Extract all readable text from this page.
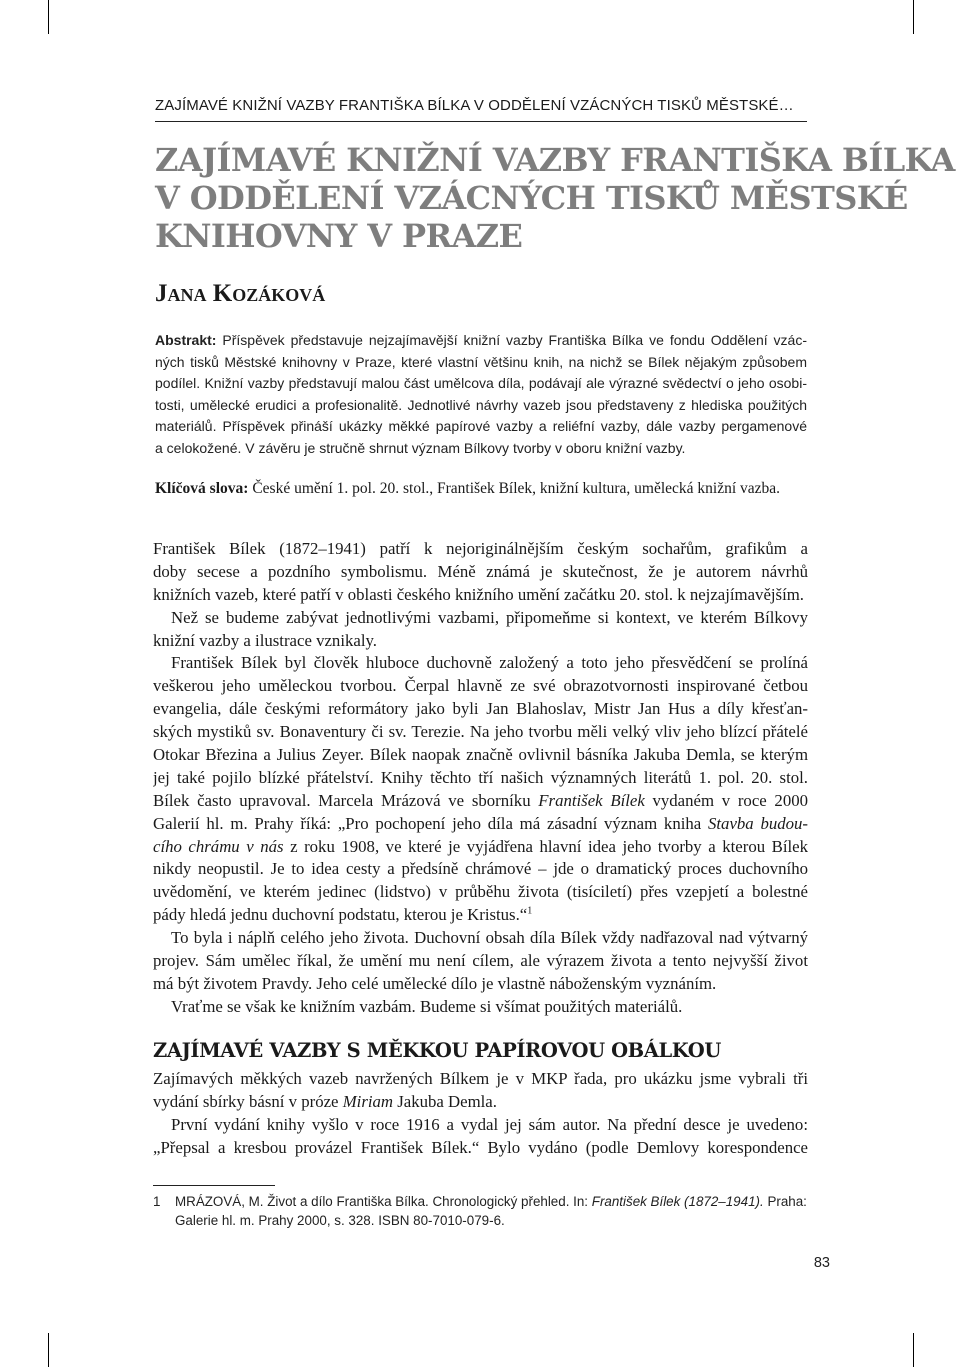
ZAJÍMAVÉ KNIŽNÍ VAZBY FRANTIŠKA BÍLKA V ODDĚLENÍ VZÁCNÝCH TISKŮ MĚSTSKÉ…
ZAJÍMAVÉ KNIŽNÍ VAZBY FRANTIŠKA BÍLKA
V ODDĚLENÍ VZÁCNÝCH TISKŮ MĚSTSKÉ
KNIHOVNY V PRAZE
Jana Kozáková
Abstrakt: Příspěvek představuje nejzajímavější knižní vazby Františka Bílka ve fondu Oddělení vzác-
ných tisků Městské knihovny v Praze, které vlastní většinu knih, na nichž se Bílek nějakým způsobem
podílel. Knižní vazby představují malou část umělcova díla, podávají ale výrazné svědectví o jeho osobi-
tosti, umělecké erudici a profesionalitě. Jednotlivé návrhy vazeb jsou představeny z hlediska použitých
materiálů. Příspěvek přináší ukázky měkké papírové vazby a reliéfní vazby, dále vazby pergamenové
a celokožené. V závěru je stručně shrnut význam Bílkovy tvorby v oboru knižní vazby.
Klíčová slova: České umění 1. pol. 20. stol., František Bílek, knižní kultura, umělecká knižní vazba.
František Bílek (1872–1941) patří k nejoriginálnějším českým sochařům, grafikům a
doby secese a pozdního symbolismu. Méně známá je skutečnost, že je autorem návrhů
knižních vazeb, které patří v oblasti českého knižního umění začátku 20. stol. k nejzajímavějším.
Než se budeme zabývat jednotlivými vazbami, připomeňme si kontext, ve kterém Bílkovy
knižní vazby a ilustrace vznikaly.
František Bílek byl člověk hluboce duchovně založený a toto jeho přesvědčení se prolíná
veškerou jeho uměleckou tvorbou. Čerpal hlavně ze své obrazotvornosti inspirované četbou
evangelia, dále českými reformátory jako byli Jan Blahoslav, Mistr Jan Hus a díly křesťan-
ských mystiků sv. Bonaventury či sv. Terezie. Na jeho tvorbu měli velký vliv jeho blízcí přátelé
Otokar Březina a Julius Zeyer. Bílek naopak značně ovlivnil básníka Jakuba Demla, se kterým
jej také pojilo blízké přátelství. Knihy těchto tří našich významných literátů 1. pol. 20. stol.
Bílek často upravoval. Marcela Mrázová ve sborníku František Bílek vydaném v roce 2000
Galerií hl. m. Prahy říká: „Pro pochopení jeho díla má zásadní význam kniha Stavba budou-
cího chrámu v nás z roku 1908, ve které je vyjádřena hlavní idea jeho tvorby a kterou Bílek
nikdy neopustil. Je to idea cesty a předsíně chrámové – jde o dramatický proces duchovního
uvědomění, ve kterém jedinec (lidstvo) v průběhu života (tisíciletí) přes vzepjetí a bolestné
pády hledá jednu duchovní podstatu, kterou je Kristus.“$^1$
To byla i náplň celého jeho života. Duchovní obsah díla Bílek vždy nadřazoval nad výtvarný
projev. Sám umělec říkal, že umění mu není cílem, ale výrazem života a tento nejvyšší život
má být životem Pravdy. Jeho celé umělecké dílo je vlastně náboženským vyznáním.
Vraťme se však ke knižním vazbám. Budeme si všímat použitých materiálů.
ZAJÍMAVÉ VAZBY S MĚKKOU PAPÍROVOU OBÁLKOU
Zajímavých měkkých vazeb navržených Bílkem je v MKP řada, pro ukázku jsme vybrali tři
vydání sbírky básní v próze Miriam Jakuba Demla.
První vydání knihy vyšlo v roce 1916 a vydal jej sám autor. Na přední desce je uvedeno:
„Přepsal a kresbou provázel František Bílek.“ Bylo vydáno (podle Demlovy korespondence
1 MRÁZOVÁ, M. Život a dílo Františka Bílka. Chronologický přehled. In: František Bílek (1872–1941). Praha:
Galerie hl. m. Prahy 2000, s. 328. ISBN 80-7010-079-6.
83
